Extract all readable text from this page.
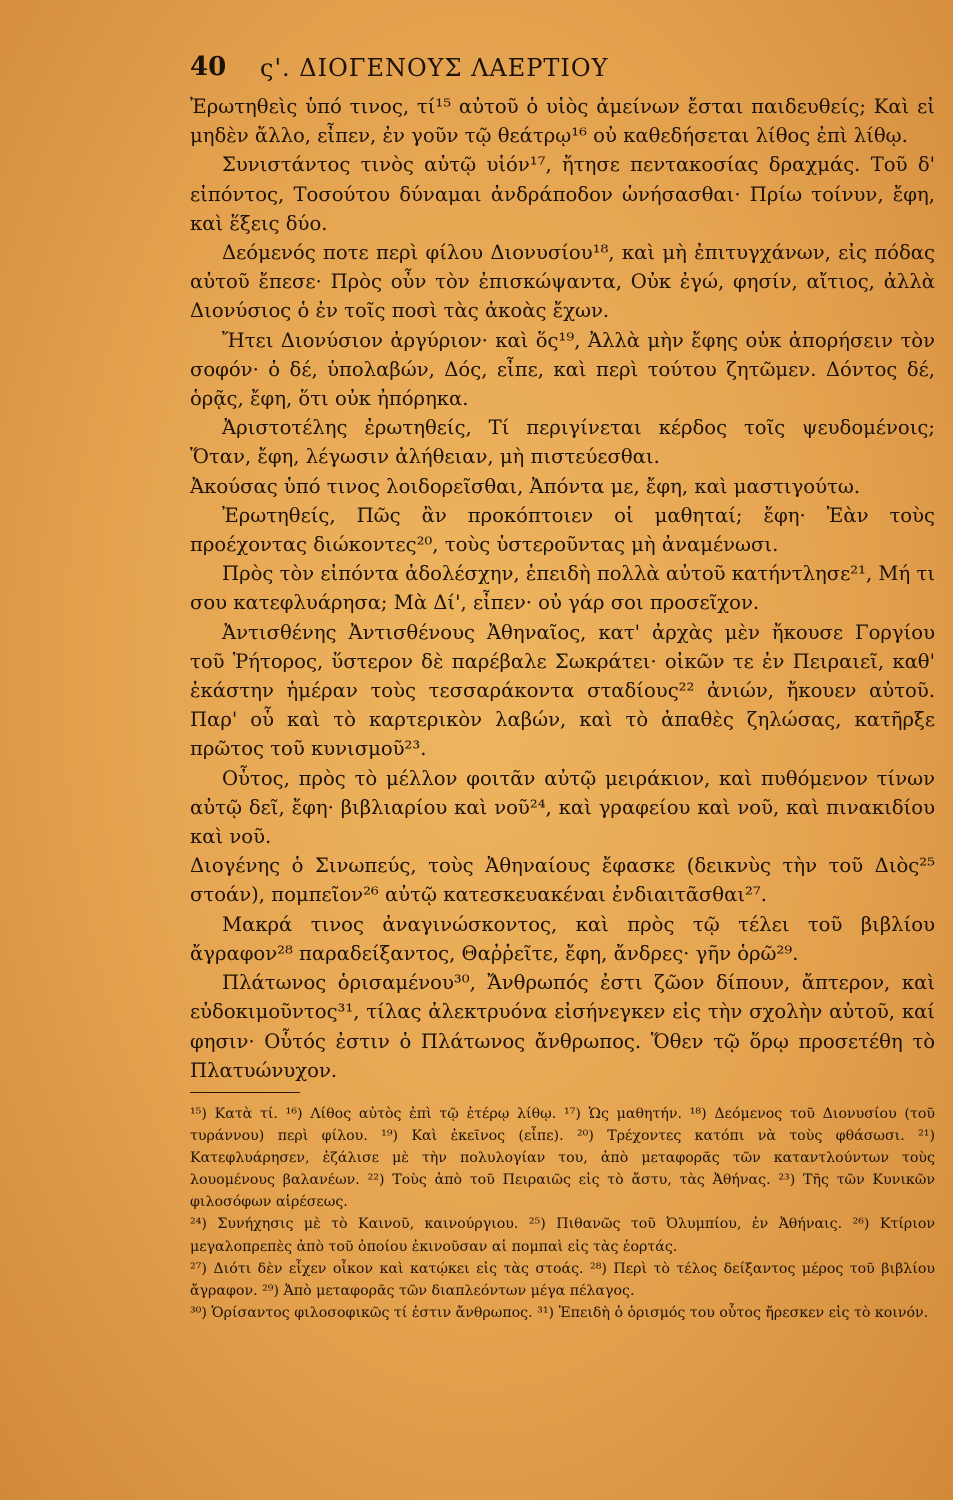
40 ς'. ΔΙΟΓΕΝΟΥΣ ΛΑΕΡΤΙΟΥ

Ἐρωτηθεὶς ὑπό τινος, τί¹⁵ αὐτοῦ ὁ υἱὸς ἀμείνων ἔσται παιδευθείς; Καὶ εἰ μηδὲν ἄλλο, εἶπεν, ἐν γοῦν τῷ θεάτρῳ¹⁶ οὐ καθεδήσεται λίθος ἐπὶ λίθῳ.

Συνιστάντος τινὸς αὐτῷ υἱόν¹⁷, ἤτησε πεντακοσίας δραχμάς. Τοῦ δ' εἰπόντος, Τοσούτου δύναμαι ἀνδράποδον ὠνήσασθαι· Πρίω τοίνυν, ἔφη, καὶ ἕξεις δύο.

Δεόμενός ποτε περὶ φίλου Διονυσίου¹⁸, καὶ μὴ ἐπιτυγχάνων, εἰς πόδας αὐτοῦ ἔπεσε· Πρὸς οὖν τὸν ἐπισκώψαντα, Οὐκ ἐγώ, φησίν, αἴτιος, ἀλλὰ Διονύσιος ὁ ἐν τοῖς ποσὶ τὰς ἀκοὰς ἔχων.

Ἤτει Διονύσιον ἀργύριον· καὶ ὅς¹⁹, Ἀλλὰ μὴν ἔφης οὐκ ἀπορήσειν τὸν σοφόν· ὁ δέ, ὑπολαβών, Δός, εἶπε, καὶ περὶ τούτου ζητῶμεν. Δόντος δέ, ὁρᾷς, ἔφη, ὅτι οὐκ ἠπόρηκα.

Ἀριστοτέλης ἐρωτηθείς, Τί περιγίνεται κέρδος τοῖς ψευδομένοις; Ὅταν, ἔφη, λέγωσιν ἀλήθειαν, μὴ πιστεύεσθαι.

Ἀκούσας ὑπό τινος λοιδορεῖσθαι, Ἀπόντα με, ἔφη, καὶ μαστιγούτω.

Ἐρωτηθείς, Πῶς ἂν προκόπτοιεν οἱ μαθηταί; ἔφη· Ἐὰν τοὺς προέχοντας διώκοντες²⁰, τοὺς ὑστεροῦντας μὴ ἀναμένωσι.

Πρὸς τὸν εἰπόντα ἀδολέσχην, ἐπειδὴ πολλὰ αὐτοῦ κατήντλησε²¹, Μή τι σου κατεφλυάρησα; Μὰ Δί', εἶπεν· οὐ γάρ σοι προσεῖχον.

Ἀντισθένης Ἀντισθένους Ἀθηναῖος, κατ' ἀρχὰς μὲν ἤκουσε Γοργίου τοῦ Ῥήτορος, ὕστερον δὲ παρέβαλε Σωκράτει· οἰκῶν τε ἐν Πειραιεῖ, καθ' ἑκάστην ἡμέραν τοὺς τεσσαράκοντα σταδίους²² ἀνιών, ἤκουεν αὐτοῦ. Παρ' οὗ καὶ τὸ καρτερικὸν λαβών, καὶ τὸ ἀπαθὲς ζηλώσας, κατῆρξε πρῶτος τοῦ κυνισμοῦ²³.

Οὗτος, πρὸς τὸ μέλλον φοιτᾶν αὐτῷ μειράκιον, καὶ πυθόμενον τίνων αὐτῷ δεῖ, ἔφη· βιβλιαρίου καὶ νοῦ²⁴, καὶ γραφείου καὶ νοῦ, καὶ πινακιδίου καὶ νοῦ.

Διογένης ὁ Σινωπεύς, τοὺς Ἀθηναίους ἔφασκε (δεικνὺς τὴν τοῦ Διὸς²⁵ στοάν), πομπεῖον²⁶ αὐτῷ κατεσκευακέναι ἐνδιαιτᾶσθαι²⁷.

Μακρά τινος ἀναγινώσκοντος, καὶ πρὸς τῷ τέλει τοῦ βιβλίου ἄγραφον²⁸ παραδείξαντος, Θαῤῥεῖτε, ἔφη, ἄνδρες· γῆν ὁρῶ²⁹.

Πλάτωνος ὁρισαμένου³⁰, Ἄνθρωπός ἐστι ζῶον δίπουν, ἄπτερον, καὶ εὐδοκιμοῦντος³¹, τίλας ἀλεκτρυόνα εἰσήνεγκεν εἰς τὴν σχολὴν αὐτοῦ, καί φησιν· Οὗτός ἐστιν ὁ Πλάτωνος ἄνθρωπος. Ὅθεν τῷ ὅρῳ προσετέθη τὸ Πλατυώνυχον.

¹⁵) Κατὰ τί. ¹⁶) Λίθος αὐτὸς ἐπὶ τῷ ἑτέρῳ λίθῳ. ¹⁷) Ὡς μαθητήν. ¹⁸) Δεόμενος τοῦ Διονυσίου (τοῦ τυράννου) περὶ φίλου. ¹⁹) Καὶ ἐκεῖνος (εἶπε). ²⁰) Τρέχοντες κατόπι νὰ τοὺς φθάσωσι. ²¹) Κατεφλυάρησεν, ἐζάλισε μὲ τὴν πολυλογίαν του, ἀπὸ μεταφορᾶς τῶν καταντλούντων τοὺς λουομένους βαλανέων. ²²) Τοὺς ἀπὸ τοῦ Πειραιῶς εἰς τὸ ἄστυ, τὰς Ἀθήνας. ²³) Τῆς τῶν Κυνικῶν φιλοσόφων αἱρέσεως.

²⁴) Συνήχησις μὲ τὸ Καινοῦ, καινούργιου. ²⁵) Πιθανῶς τοῦ Ὀλυμπίου, ἐν Ἀθήναις. ²⁶) Κτίριον μεγαλοπρεπὲς ἀπὸ τοῦ ὁποίου ἐκινοῦσαν αἱ πομπαὶ εἰς τὰς ἑορτάς.

²⁷) Διότι δὲν εἶχεν οἶκον καὶ κατῴκει εἰς τὰς στοάς. ²⁸) Περὶ τὸ τέλος δείξαντος μέρος τοῦ βιβλίου ἄγραφον. ²⁹) Ἀπὸ μεταφορᾶς τῶν διαπλεόντων μέγα πέλαγος.

³⁰) Ὁρίσαντος φιλοσοφικῶς τί ἐστιν ἄνθρωπος. ³¹) Ἐπειδὴ ὁ ὁρισμός του οὗτος ἤρεσκεν εἰς τὸ κοινόν.
